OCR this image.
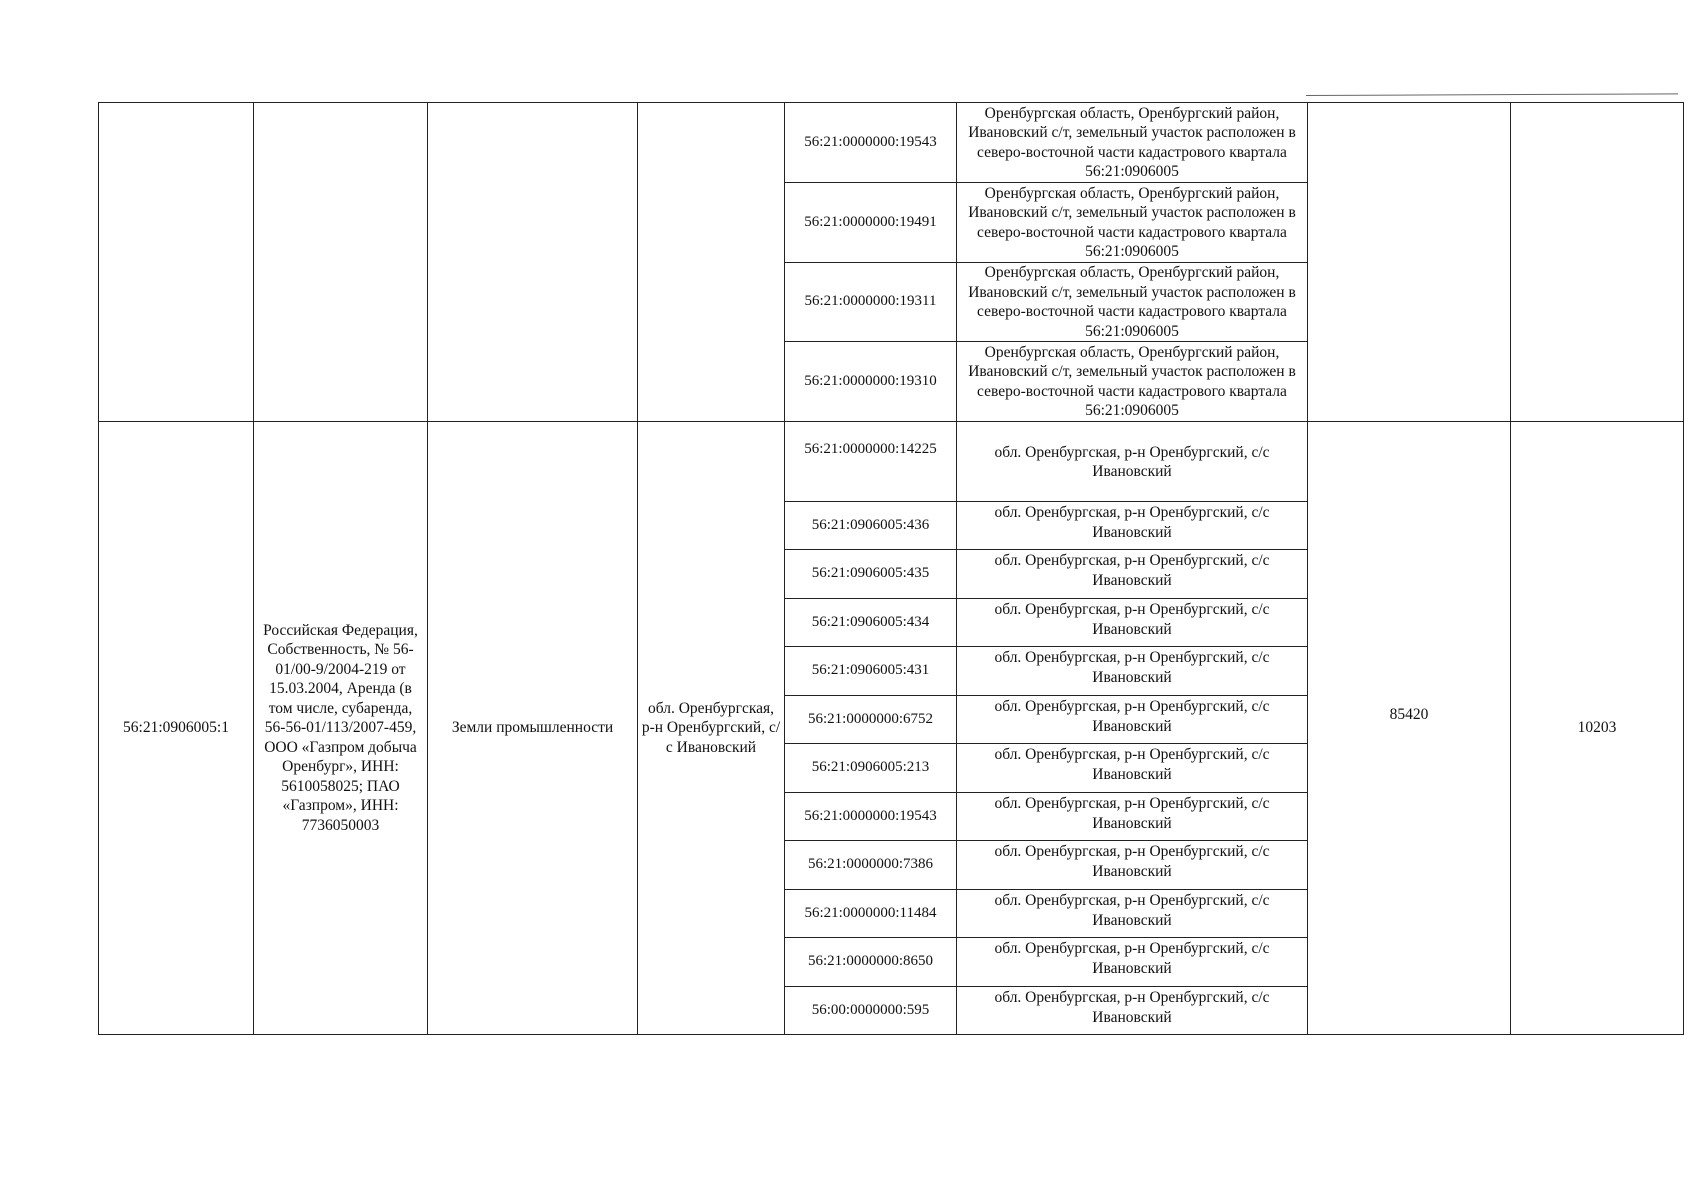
				56:21:0000000:19543	Оренбургская область, Оренбургский район, Ивановский с/т, земельный участок расположен в северо-восточной части кадастрового квартала 56:21:0906005		
				56:21:0000000:19491	Оренбургская область, Оренбургский район, Ивановский с/т, земельный участок расположен в северо-восточной части кадастрового квартала 56:21:0906005		
				56:21:0000000:19311	Оренбургская область, Оренбургский район, Ивановский с/т, земельный участок расположен в северо-восточной части кадастрового квартала 56:21:0906005		
				56:21:0000000:19310	Оренбургская область, Оренбургский район, Ивановский с/т, земельный участок расположен в северо-восточной части кадастрового квартала 56:21:0906005		
56:21:0906005:1	Российская Федерация, Собственность, № 56-01/00-9/2004-219 от 15.03.2004, Аренда (в том числе, субаренда, 56-56-01/113/2007-459, ООО «Газпром добыча Оренбург», ИНН: 5610058025; ПАО «Газпром», ИНН: 7736050003	Земли промышленности	обл. Оренбургская, р-н Оренбургский, с/с Ивановский	56:21:0000000:14225	обл. Оренбургская, р-н Оренбургский, с/с Ивановский	85420	10203
				56:21:0906005:436	обл. Оренбургская, р-н Оренбургский, с/с Ивановский		
				56:21:0906005:435	обл. Оренбургская, р-н Оренбургский, с/с Ивановский		
				56:21:0906005:434	обл. Оренбургская, р-н Оренбургский, с/с Ивановский		
				56:21:0906005:431	обл. Оренбургская, р-н Оренбургский, с/с Ивановский		
				56:21:0000000:6752	обл. Оренбургская, р-н Оренбургский, с/с Ивановский		
				56:21:0906005:213	обл. Оренбургская, р-н Оренбургский, с/с Ивановский		
				56:21:0000000:19543	обл. Оренбургская, р-н Оренбургский, с/с Ивановский		
				56:21:0000000:7386	обл. Оренбургская, р-н Оренбургский, с/с Ивановский		
				56:21:0000000:11484	обл. Оренбургская, р-н Оренбургский, с/с Ивановский		
				56:21:0000000:8650	обл. Оренбургская, р-н Оренбургский, с/с Ивановский		
				56:00:0000000:595	обл. Оренбургская, р-н Оренбургский, с/с Ивановский		
